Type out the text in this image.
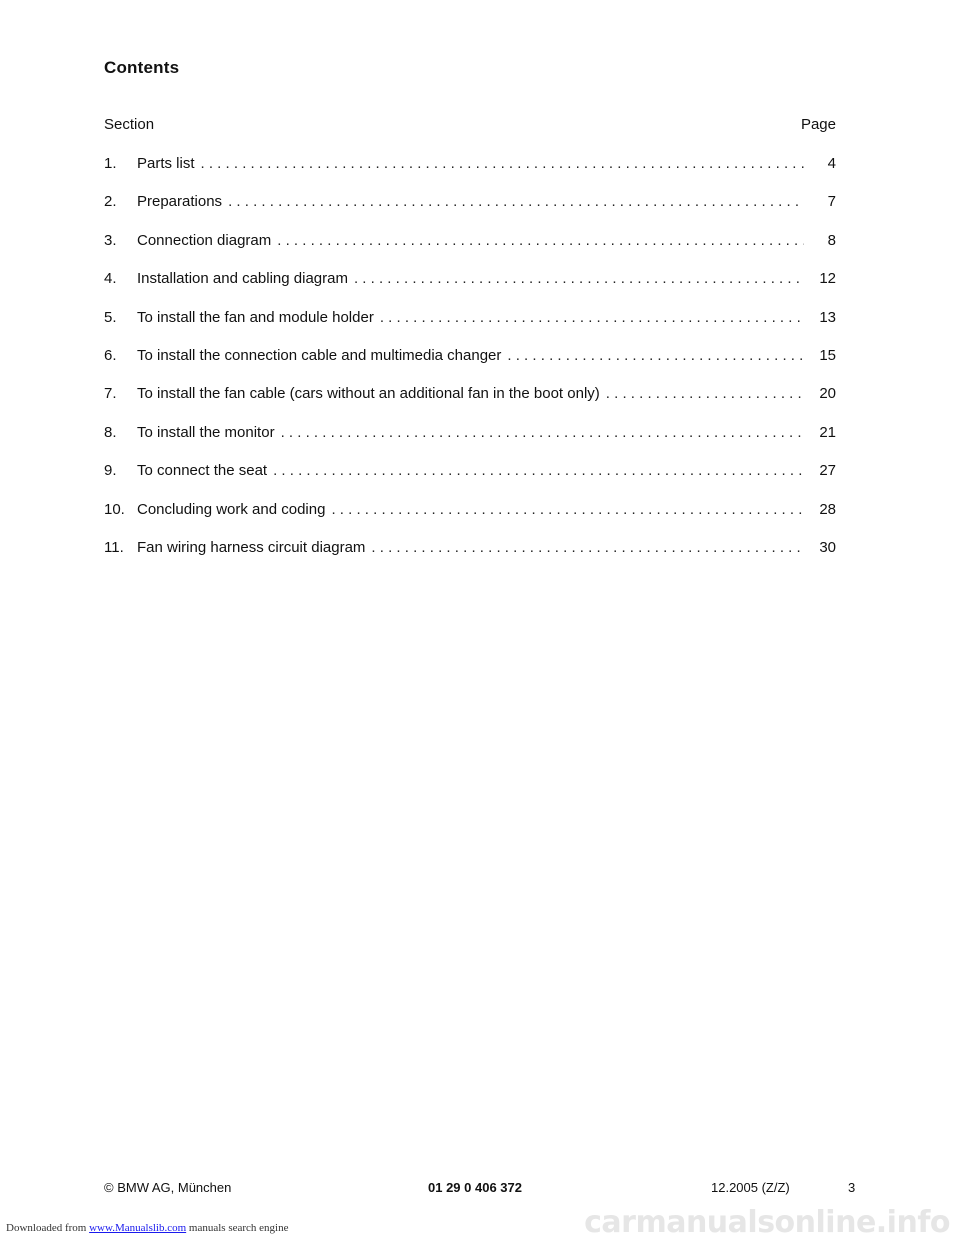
Contents
Section	Page
1.	Parts list . . .	4
2.	Preparations . . .	7
3.	Connection diagram . . .	8
4.	Installation and cabling diagram . . .	12
5.	To install the fan and module holder . . .	13
6.	To install the connection cable and multimedia changer . . .	15
7.	To install the fan cable (cars without an additional fan in the boot only) . . .	20
8.	To install the monitor . . .	21
9.	To connect the seat . . .	27
10. Concluding work and coding . . .	28
11. Fan wiring harness circuit diagram . . .	30
© BMW AG, München	01 29 0 406 372	12.2005 (Z/Z)	3
Downloaded from www.Manualslib.com manuals search engine	carmanualsonline.info
